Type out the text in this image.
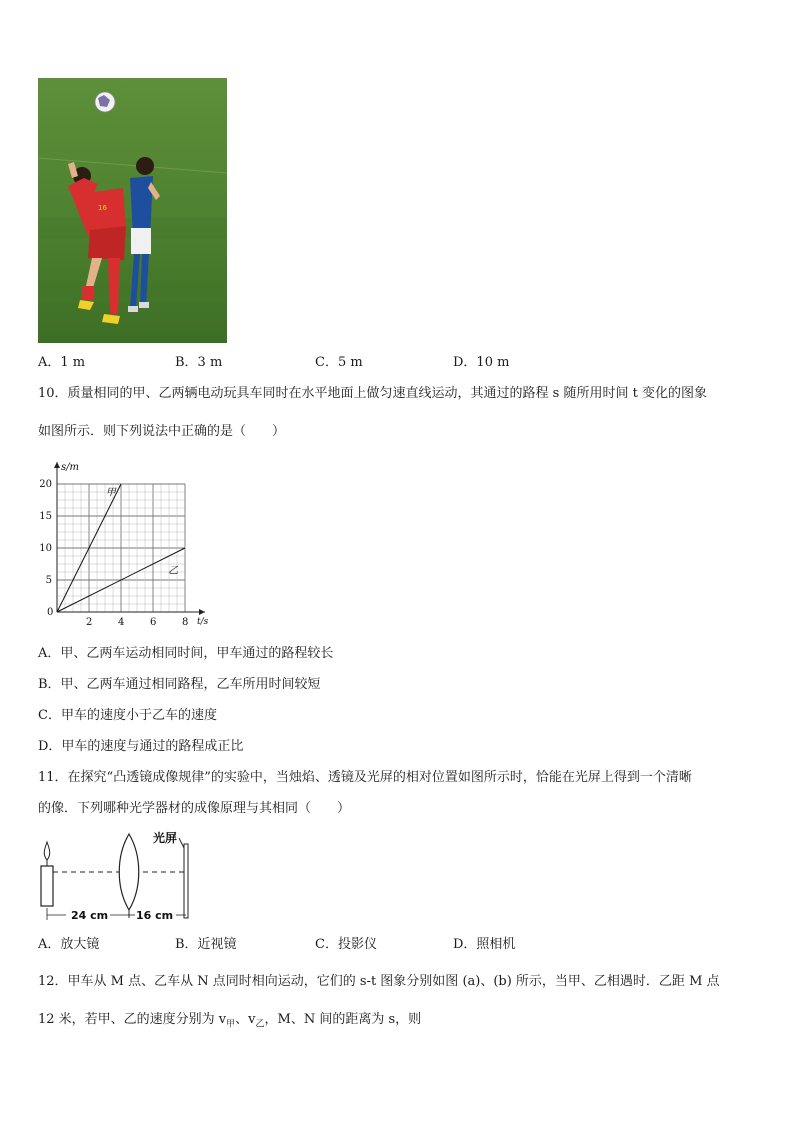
16
A．1 m	B．3 m	C．5 m	D．10 m
10．质量相同的甲、乙两辆电动玩具车同时在水平地面上做匀速直线运动，其通过的路程 s 随所用时间 t 变化的图象
如图所示．则下列说法中正确的是（　　）
s/m
t/s
0
2	4	6	8
5
10
15
20
甲
乙
A．甲、乙两车运动相同时间，甲车通过的路程较长
B．甲、乙两车通过相同路程，乙车所用时间较短
C．甲车的速度小于乙车的速度
D．甲车的速度与通过的路程成正比
11．在探究“凸透镜成像规律”的实验中，当烛焰、透镜及光屏的相对位置如图所示时，恰能在光屏上得到一个清晰
的像．下列哪种光学器材的成像原理与其相同（　　）
光屏
24 cm	16 cm
A．放大镜	B．近视镜	C．投影仪	D．照相机
12．甲车从 M 点、乙车从 N 点同时相向运动，它们的 s-t 图象分别如图 (a)、(b) 所示，当甲、乙相遇时．乙距 M 点
12 米，若甲、乙的速度分别为 $v_甲$、$v_乙$，M、N 间的距离为 s，则
